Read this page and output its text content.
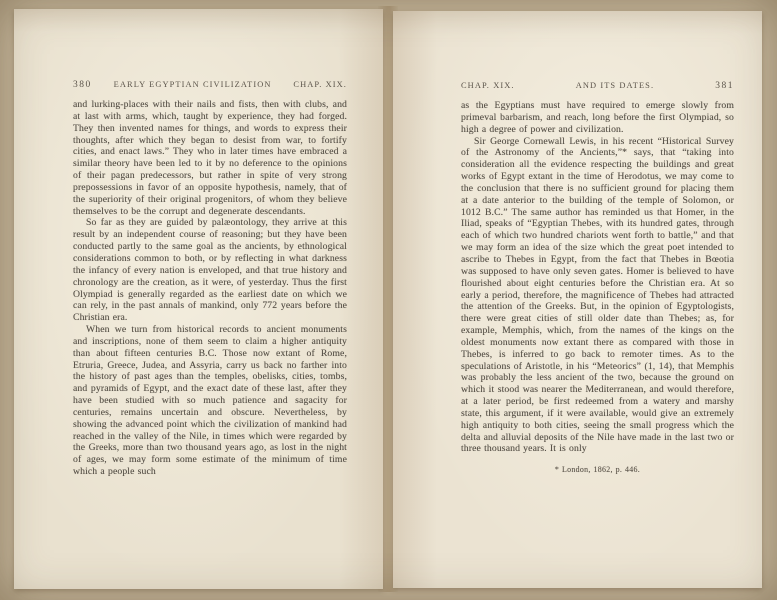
380	EARLY EGYPTIAN CIVILIZATION	CHAP. XIX.

and lurking-places with their nails and fists, then with clubs, and at last with arms, which, taught by experience, they had forged. They then invented names for things, and words to express their thoughts, after which they began to desist from war, to fortify cities, and enact laws.” They who in later times have embraced a similar theory have been led to it by no deference to the opinions of their pagan predecessors, but rather in spite of very strong prepossessions in favor of an opposite hypothesis, namely, that of the superiority of their original progenitors, of whom they believe themselves to be the corrupt and degenerate descendants.

So far as they are guided by palæontology, they arrive at this result by an independent course of reasoning; but they have been conducted partly to the same goal as the ancients, by ethnological considerations common to both, or by reflecting in what darkness the infancy of every nation is enveloped, and that true history and chronology are the creation, as it were, of yesterday. Thus the first Olympiad is generally regarded as the earliest date on which we can rely, in the past annals of mankind, only 772 years before the Christian era.

When we turn from historical records to ancient monuments and inscriptions, none of them seem to claim a higher antiquity than about fifteen centuries B.C. Those now extant of Rome, Etruria, Greece, Judea, and Assyria, carry us back no farther into the history of past ages than the temples, obelisks, cities, tombs, and pyramids of Egypt, and the exact date of these last, after they have been studied with so much patience and sagacity for centuries, remains uncertain and obscure. Nevertheless, by showing the advanced point which the civilization of mankind had reached in the valley of the Nile, in times which were regarded by the Greeks, more than two thousand years ago, as lost in the night of ages, we may form some estimate of the minimum of time which a people such

CHAP. XIX.	AND ITS DATES.	381

as the Egyptians must have required to emerge slowly from primeval barbarism, and reach, long before the first Olympiad, so high a degree of power and civilization.

Sir George Cornewall Lewis, in his recent “Historical Survey of the Astronomy of the Ancients,”* says, that “taking into consideration all the evidence respecting the buildings and great works of Egypt extant in the time of Herodotus, we may come to the conclusion that there is no sufficient ground for placing them at a date anterior to the building of the temple of Solomon, or 1012 B.C.” The same author has reminded us that Homer, in the Iliad, speaks of “Egyptian Thebes, with its hundred gates, through each of which two hundred chariots went forth to battle,” and that we may form an idea of the size which the great poet intended to ascribe to Thebes in Egypt, from the fact that Thebes in Bœotia was supposed to have only seven gates. Homer is believed to have flourished about eight centuries before the Christian era. At so early a period, therefore, the magnificence of Thebes had attracted the attention of the Greeks. But, in the opinion of Egyptologists, there were great cities of still older date than Thebes; as, for example, Memphis, which, from the names of the kings on the oldest monuments now extant there as compared with those in Thebes, is inferred to go back to remoter times. As to the speculations of Aristotle, in his “Meteorics” (1, 14), that Memphis was probably the less ancient of the two, because the ground on which it stood was nearer the Mediterranean, and would therefore, at a later period, be first redeemed from a watery and marshy state, this argument, if it were available, would give an extremely high antiquity to both cities, seeing the small progress which the delta and alluvial deposits of the Nile have made in the last two or three thousand years. It is only

* London, 1862, p. 446.
